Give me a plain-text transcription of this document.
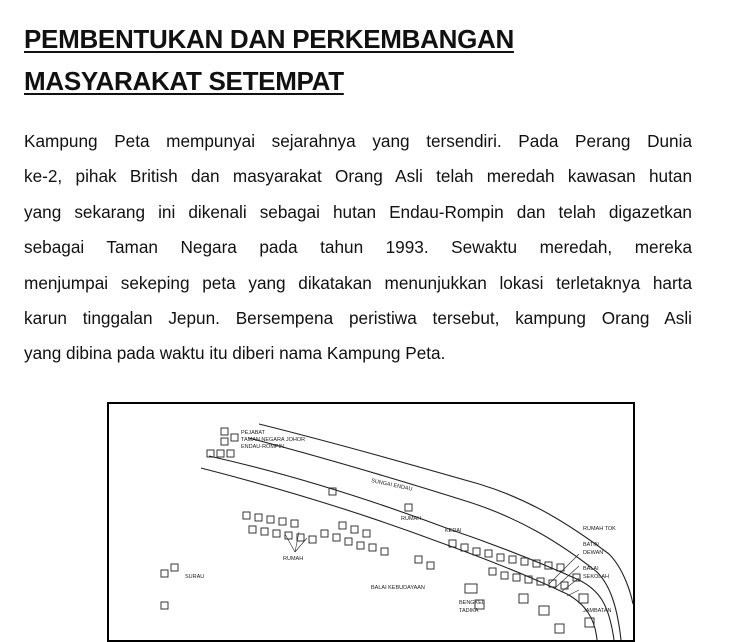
PEMBENTUKAN DAN PERKEMBANGAN
MASYARAKAT SETEMPAT
Kampung Peta mempunyai sejarahnya yang tersendiri. Pada Perang Dunia
ke-2, pihak British dan masyarakat Orang Asli telah meredah kawasan hutan
yang sekarang ini dikenali sebagai hutan Endau-Rompin dan telah digazetkan
sebagai Taman Negara pada tahun 1993. Sewaktu meredah, mereka
menjumpai sekeping peta yang dikatakan menunjukkan lokasi terletaknya harta
karun tinggalan Jepun. Bersempena peristiwa tersebut, kampung Orang Asli
yang dibina pada waktu itu diberi nama Kampung Peta.
PEJABAT
TAMAN NEGARA JOHOR
ENDAU-ROMPIN
SUNGAI ENDAU
RUMAH
RUMAH
SURAU
BALAI KEBUDAYAAN
KEDAI
BENGKEL
TADIKA
RUMAH TOK
BATIN
DEWAN
BALAI
SEKOLAH
JAMBATAN
